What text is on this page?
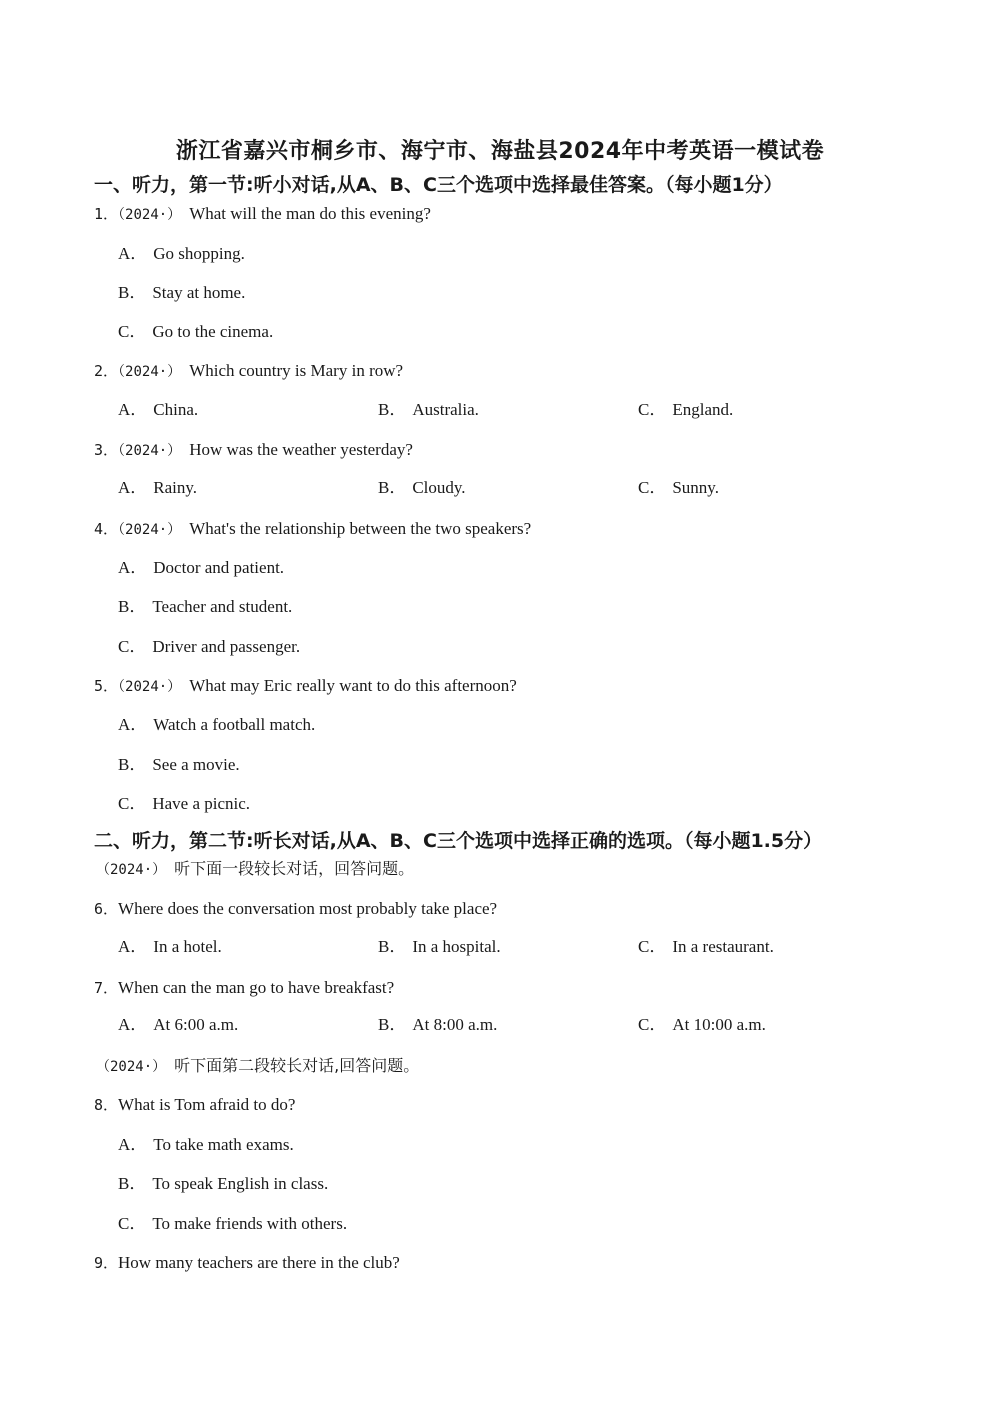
浙江省嘉兴市桐乡市、海宁市、海盐县2024年中考英语一模试卷
一、听力，第一节:听小对话,从A、B、C三个选项中选择最佳答案。（每小题1分）
1．（2024·） What will the man do this evening?
A． Go shopping.
B． Stay at home.
C． Go to the cinema.
2．（2024·） Which country is Mary in row?
A． China.	B． Australia.	C． England.
3．（2024·） How was the weather yesterday?
A． Rainy.	B． Cloudy.	C． Sunny.
4．（2024·） What's the relationship between the two speakers?
A． Doctor and patient.
B． Teacher and student.
C． Driver and passenger.
5．（2024·） What may Eric really want to do this afternoon?
A． Watch a football match.
B． See a movie.
C． Have a picnic.
二、听力，第二节:听长对话,从A、B、C三个选项中选择正确的选项。（每小题1.5分）
（2024·） 听下面一段较长对话，回答问题。
6．Where does the conversation most probably take place?
A． In a hotel.	B． In a hospital.	C． In a restaurant.
7．When can the man go to have breakfast?
A． At 6:00 a.m.	B． At 8:00 a.m.	C． At 10:00 a.m.
（2024·） 听下面第二段较长对话,回答问题。
8．What is Tom afraid to do?
A． To take math exams.
B． To speak English in class.
C． To make friends with others.
9．How many teachers are there in the club?
